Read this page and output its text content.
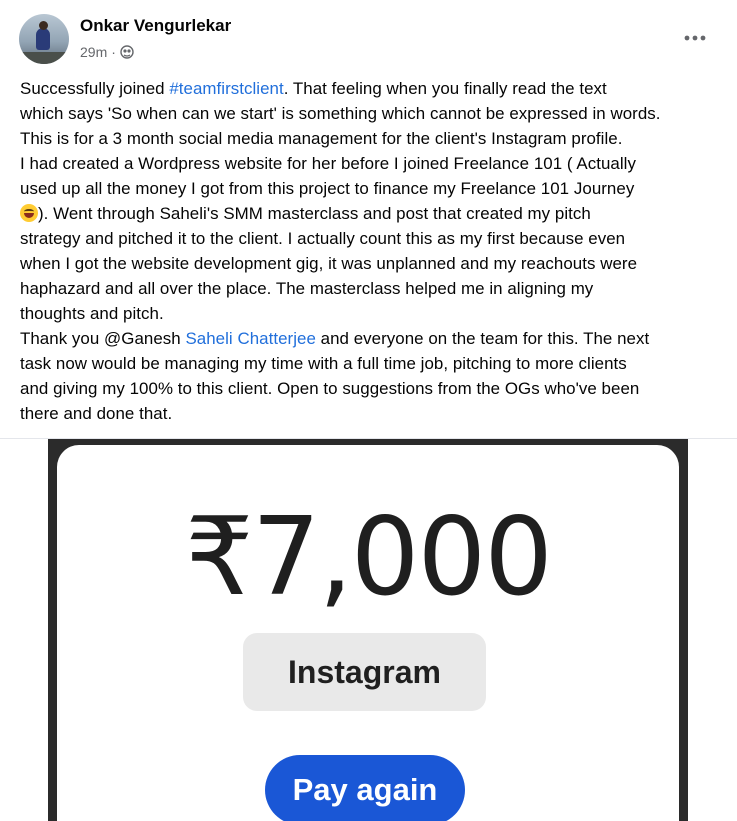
Onkar Vengurlekar
29m ·

Successfully joined #teamfirstclient. That feeling when you finally read the text

which says 'So when can we start' is something which cannot be expressed in words.

This is for a 3 month social media management for the client's Instagram profile.

I had created a Wordpress website for her before I joined Freelance 101 ( Actually

used up all the money I got from this project to finance my Freelance 101 Journey

). Went through Saheli's SMM masterclass and post that created my pitch

strategy and pitched it to the client. I actually count this as my first because even

when I got the website development gig, it was unplanned and my reachouts were

haphazard and all over the place. The masterclass helped me in aligning my

thoughts and pitch.

Thank you @Ganesh Saheli Chatterjee and everyone on the team for this. The next

task now would be managing my time with a full time job, pitching to more clients

and giving my 100% to this client. Open to suggestions from the OGs who've been

there and done that.

₹7,000
Instagram
Pay again
